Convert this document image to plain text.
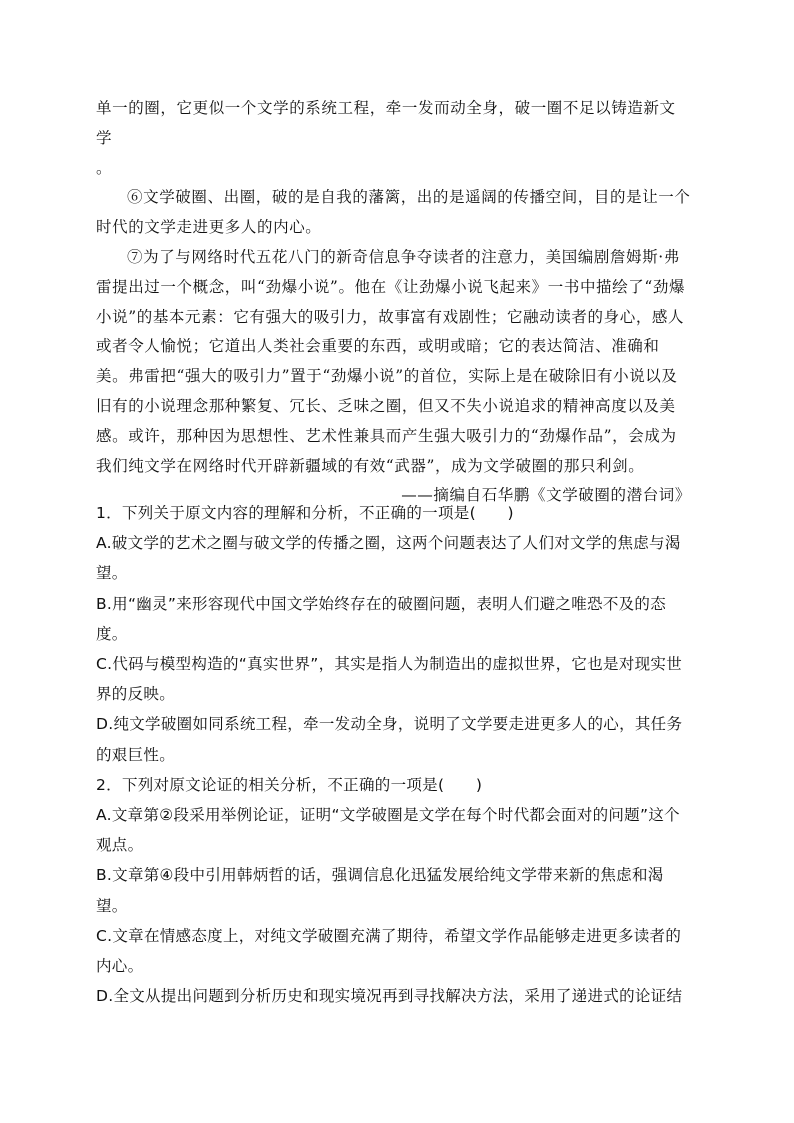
单一的圈，它更似一个文学的系统工程，牵一发而动全身，破一圈不足以铸造新文学

。

⑥文学破圈、出圈，破的是自我的藩篱，出的是遥阔的传播空间，目的是让一个时代的文学走进更多人的内心。

⑦为了与网络时代五花八门的新奇信息争夺读者的注意力，美国编剧詹姆斯·弗雷提出过一个概念，叫“劲爆小说”。他在《让劲爆小说飞起来》一书中描绘了“劲爆小说”的基本元素：它有强大的吸引力，故事富有戏剧性；它融动读者的身心，感人或者令人愉悦；它道出人类社会重要的东西，或明或暗；它的表达简洁、准确和美。弗雷把“强大的吸引力”置于“劲爆小说”的首位，实际上是在破除旧有小说以及旧有的小说理念那种繁复、冗长、乏味之圈，但又不失小说追求的精神高度以及美感。或许，那种因为思想性、艺术性兼具而产生强大吸引力的“劲爆作品”，会成为我们纯文学在网络时代开辟新疆域的有效“武器”，成为文学破圈的那只利剑。

——摘编自石华鹏《文学破圈的潜台词》

1．下列关于原文内容的理解和分析，不正确的一项是(　　)

A.破文学的艺术之圈与破文学的传播之圈，这两个问题表达了人们对文学的焦虑与渴望。

B.用“幽灵”来形容现代中国文学始终存在的破圈问题，表明人们避之唯恐不及的态度。

C.代码与模型构造的“真实世界”，其实是指人为制造出的虚拟世界，它也是对现实世界的反映。

D.纯文学破圈如同系统工程，牵一发动全身，说明了文学要走进更多人的心，其任务的艰巨性。

2．下列对原文论证的相关分析，不正确的一项是(　　)

A.文章第②段采用举例论证，证明“文学破圈是文学在每个时代都会面对的问题”这个观点。

B.文章第④段中引用韩炳哲的话，强调信息化迅猛发展给纯文学带来新的焦虑和渴望。

C.文章在情感态度上，对纯文学破圈充满了期待，希望文学作品能够走进更多读者的内心。

D.全文从提出问题到分析历史和现实境况再到寻找解决方法，采用了递进式的论证结
